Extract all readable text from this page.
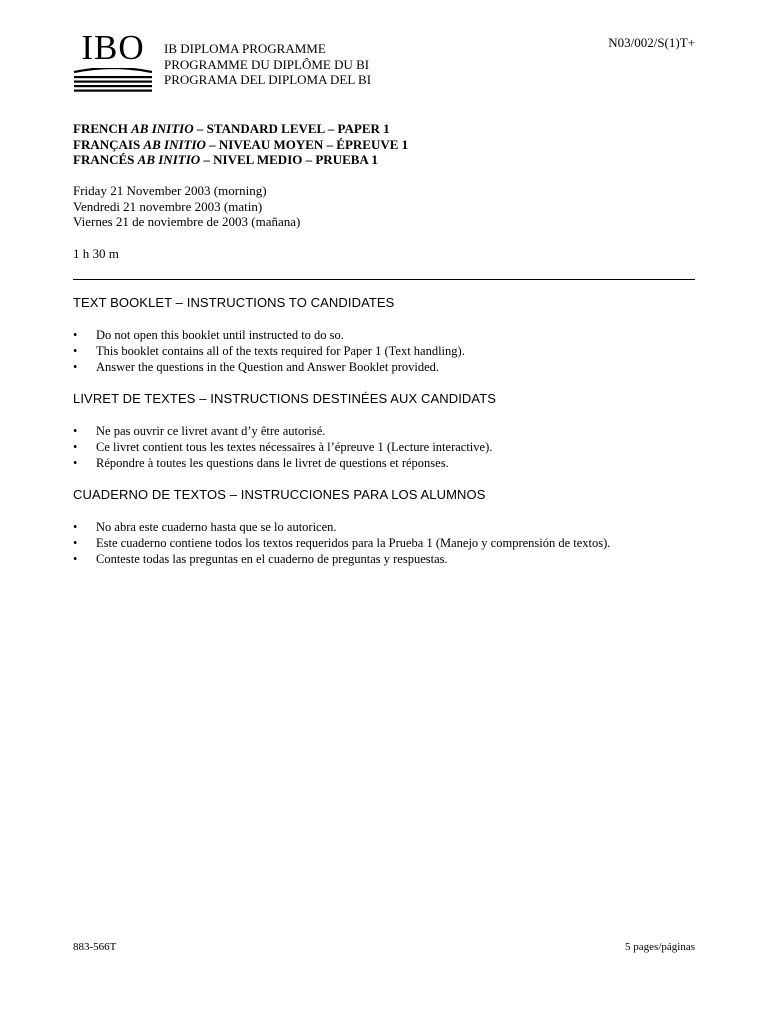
IBO	IB DIPLOMA PROGRAMME
PROGRAMME DU DIPLÔME DU BI
PROGRAMA DEL DIPLOMA DEL BI
N03/002/S(1)T+
FRENCH AB INITIO – STANDARD LEVEL – PAPER 1
FRANÇAIS AB INITIO – NIVEAU MOYEN – ÉPREUVE 1
FRANCÉS AB INITIO – NIVEL MEDIO – PRUEBA 1
Friday 21 November 2003 (morning)
Vendredi 21 novembre 2003 (matin)
Viernes 21 de noviembre de 2003 (mañana)
1 h 30 m
TEXT BOOKLET – INSTRUCTIONS TO CANDIDATES
• Do not open this booklet until instructed to do so.
• This booklet contains all of the texts required for Paper 1 (Text handling).
• Answer the questions in the Question and Answer Booklet provided.
LIVRET DE TEXTES – INSTRUCTIONS DESTINÉES AUX CANDIDATS
• Ne pas ouvrir ce livret avant d’y être autorisé.
• Ce livret contient tous les textes nécessaires à l’épreuve 1 (Lecture interactive).
• Répondre à toutes les questions dans le livret de questions et réponses.
CUADERNO DE TEXTOS – INSTRUCCIONES PARA LOS ALUMNOS
• No abra este cuaderno hasta que se lo autoricen.
• Este cuaderno contiene todos los textos requeridos para la Prueba 1 (Manejo y comprensión de textos).
• Conteste todas las preguntas en el cuaderno de preguntas y respuestas.
883-566T	5 pages/páginas
